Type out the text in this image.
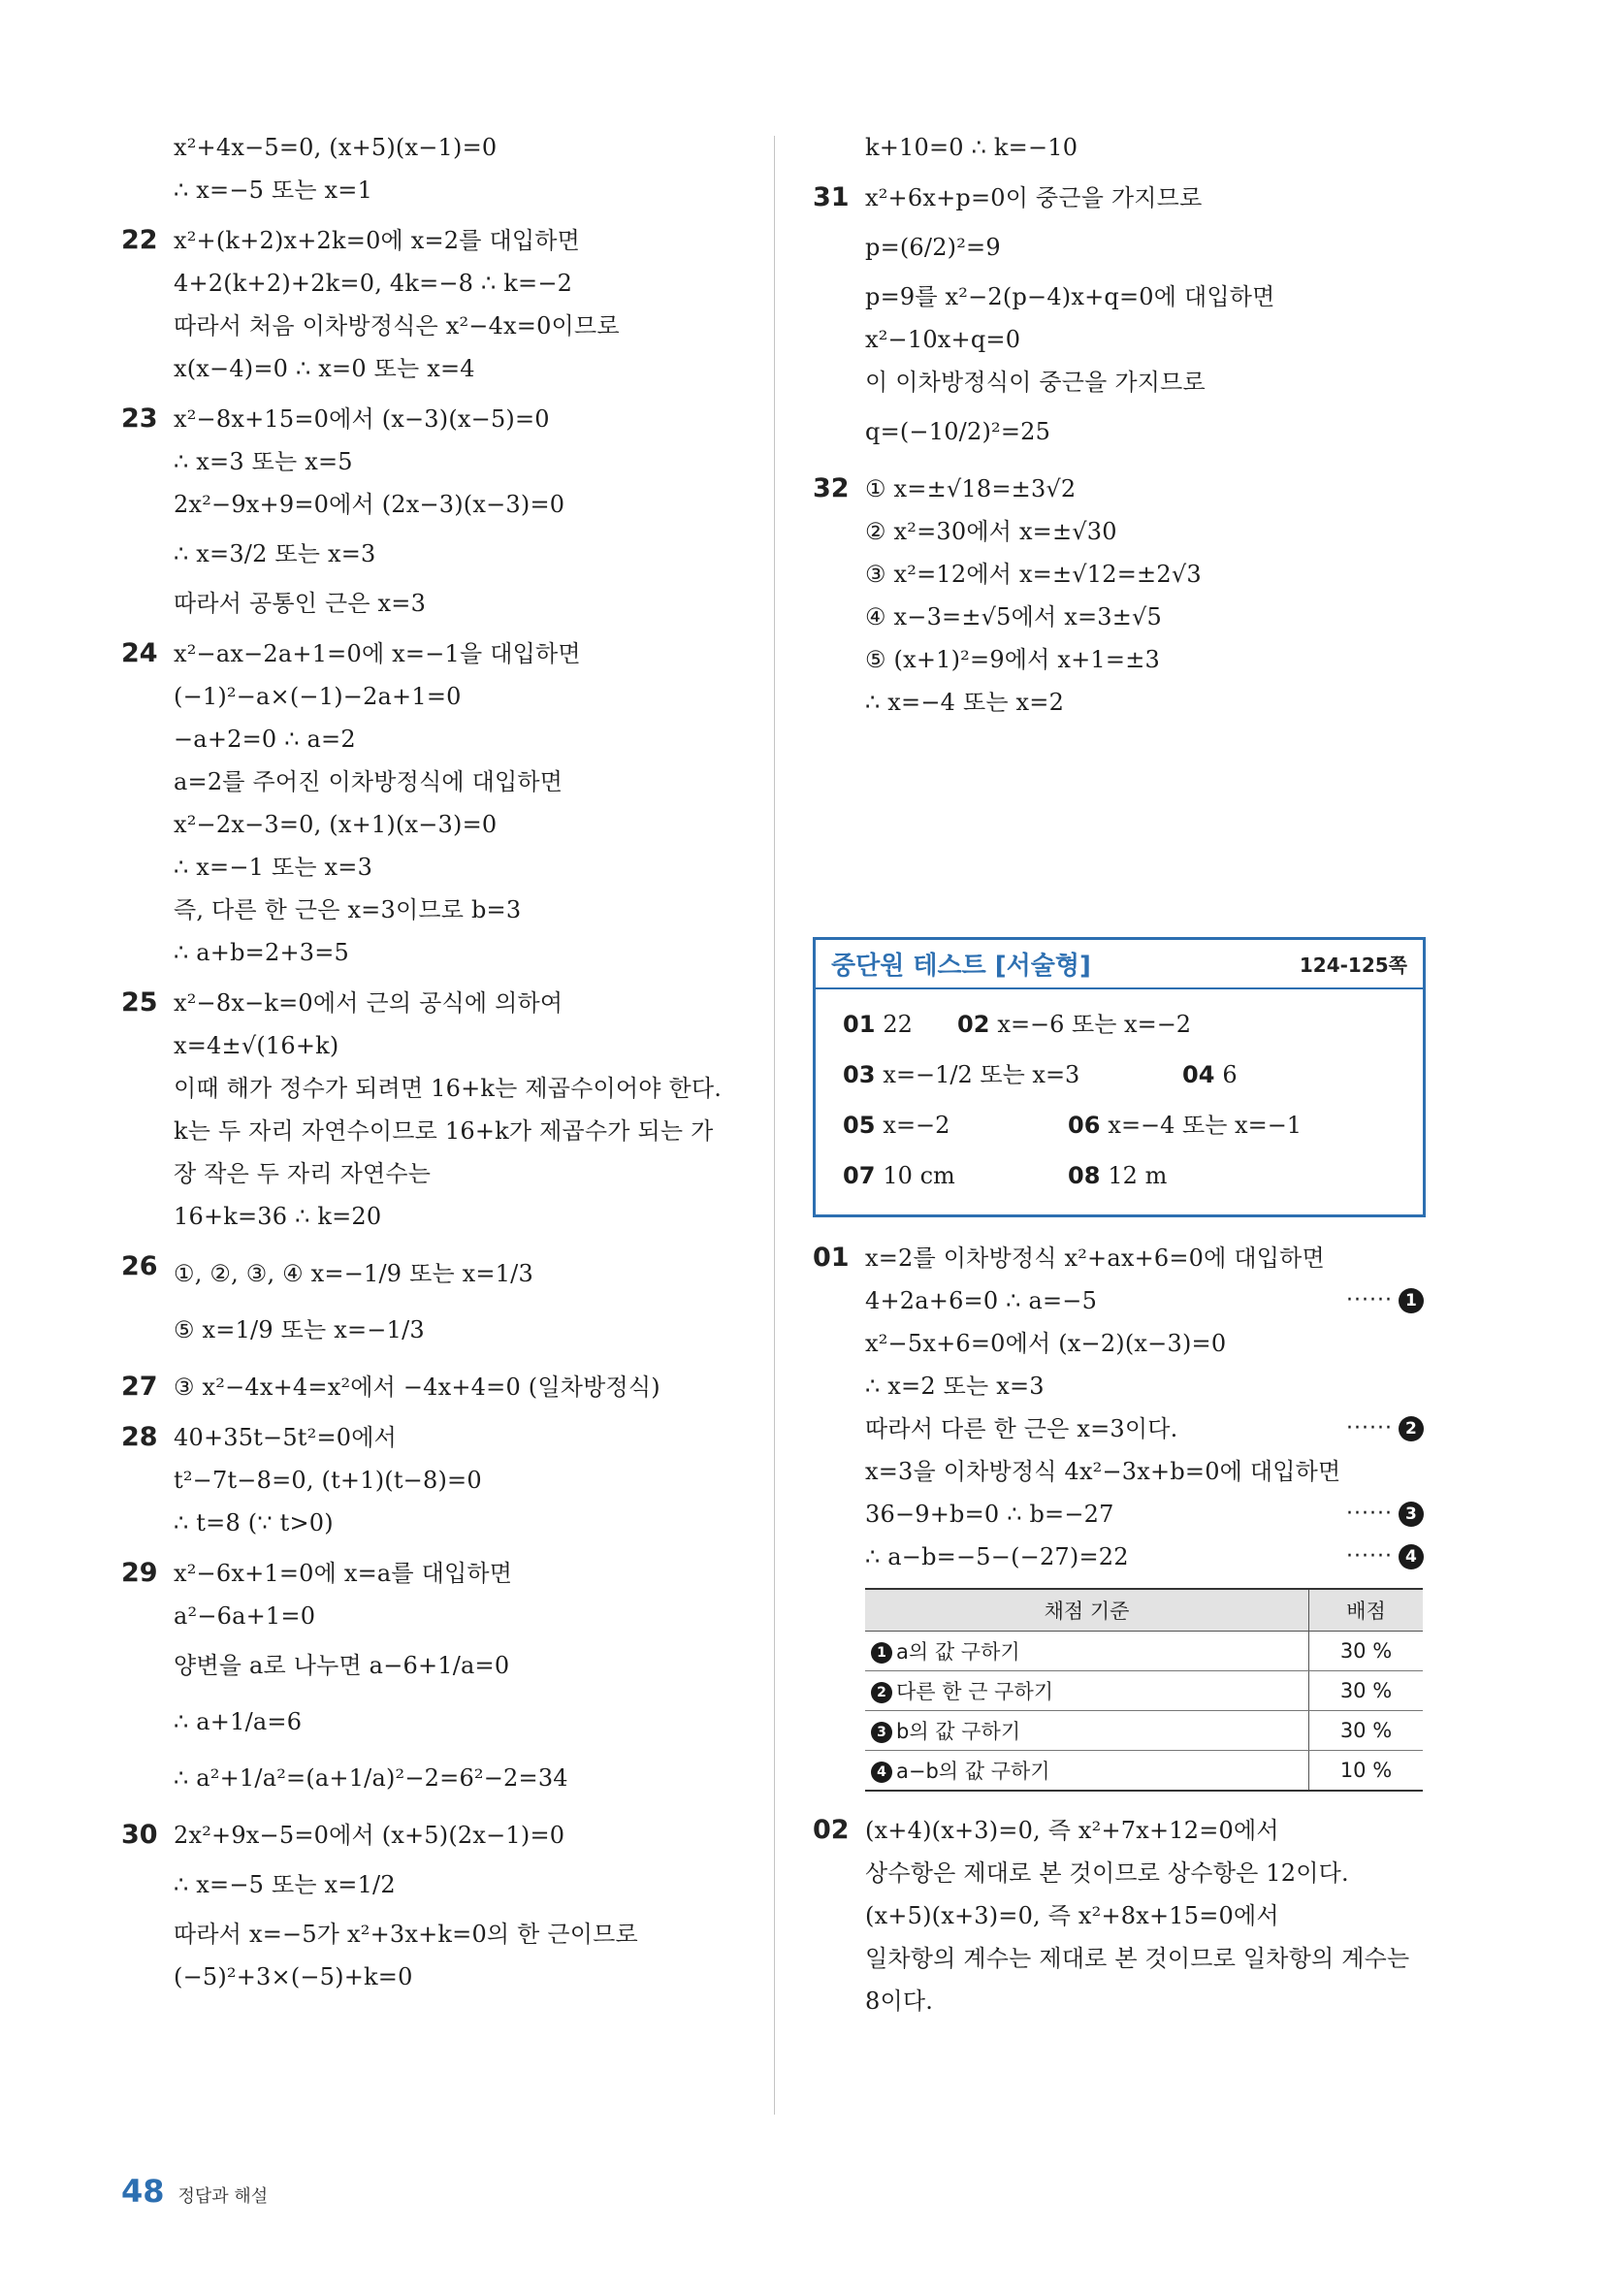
x²+4x−5=0, (x+5)(x−1)=0
∴ x=−5 또는 x=1
22 x²+(k+2)x+2k=0에 x=2를 대입하면
4+2(k+2)+2k=0, 4k=−8 ∴ k=−2
따라서 처음 이차방정식은 x²−4x=0이므로
x(x−4)=0 ∴ x=0 또는 x=4
23 x²−8x+15=0에서 (x−3)(x−5)=0
∴ x=3 또는 x=5
2x²−9x+9=0에서 (2x−3)(x−3)=0
∴ x=3/2 또는 x=3
따라서 공통인 근은 x=3
24 x²−ax−2a+1=0에 x=−1을 대입하면
(−1)²−a×(−1)−2a+1=0
−a+2=0 ∴ a=2
a=2를 주어진 이차방정식에 대입하면
x²−2x−3=0, (x+1)(x−3)=0
∴ x=−1 또는 x=3
즉, 다른 한 근은 x=3이므로 b=3
∴ a+b=2+3=5
25 x²−8x−k=0에서 근의 공식에 의하여
x=4±√(16+k)
이때 해가 정수가 되려면 16+k는 제곱수이어야 한다.
k는 두 자리 자연수이므로 16+k가 제곱수가 되는 가
장 작은 두 자리 자연수는
16+k=36 ∴ k=20
26 ①, ②, ③, ④ x=−1/9 또는 x=1/3
⑤ x=1/9 또는 x=−1/3
27 ③ x²−4x+4=x²에서 −4x+4=0 (일차방정식)
28 40+35t−5t²=0에서
t²−7t−8=0, (t+1)(t−8)=0
∴ t=8 (∵ t>0)
29 x²−6x+1=0에 x=a를 대입하면
a²−6a+1=0
양변을 a로 나누면 a−6+1/a=0
∴ a+1/a=6
∴ a²+1/a²=(a+1/a)²−2=6²−2=34
30 2x²+9x−5=0에서 (x+5)(2x−1)=0
∴ x=−5 또는 x=1/2
따라서 x=−5가 x²+3x+k=0의 한 근이므로
(−5)²+3×(−5)+k=0
k+10=0 ∴ k=−10
31 x²+6x+p=0이 중근을 가지므로
p=(6/2)²=9
p=9를 x²−2(p−4)x+q=0에 대입하면
x²−10x+q=0
이 이차방정식이 중근을 가지므로
q=(−10/2)²=25
32 ① x=±√18=±3√2
② x²=30에서 x=±√30
③ x²=12에서 x=±√12=±2√3
④ x−3=±√5에서 x=3±√5
⑤ (x+1)²=9에서 x+1=±3
∴ x=−4 또는 x=2
중단원 테스트 [서술형]	124-125쪽
01 22	02 x=−6 또는 x=−2
03 x=−1/2 또는 x=3	04 6
05 x=−2	06 x=−4 또는 x=−1
07 10 cm	08 12 m
01 x=2를 이차방정식 x²+ax+6=0에 대입하면
4+2a+6=0 ∴ a=−5	······ 1
x²−5x+6=0에서 (x−2)(x−3)=0
∴ x=2 또는 x=3
따라서 다른 한 근은 x=3이다.	······ 2
x=3을 이차방정식 4x²−3x+b=0에 대입하면
36−9+b=0 ∴ b=−27	······ 3
∴ a−b=−5−(−27)=22	······ 4
채점 기준	배점
1 a의 값 구하기	30 %
2 다른 한 근 구하기	30 %
3 b의 값 구하기	30 %
4 a−b의 값 구하기	10 %
02 (x+4)(x+3)=0, 즉 x²+7x+12=0에서
상수항은 제대로 본 것이므로 상수항은 12이다.
(x+5)(x+3)=0, 즉 x²+8x+15=0에서
일차항의 계수는 제대로 본 것이므로 일차항의 계수는
8이다.
48 정답과 해설
